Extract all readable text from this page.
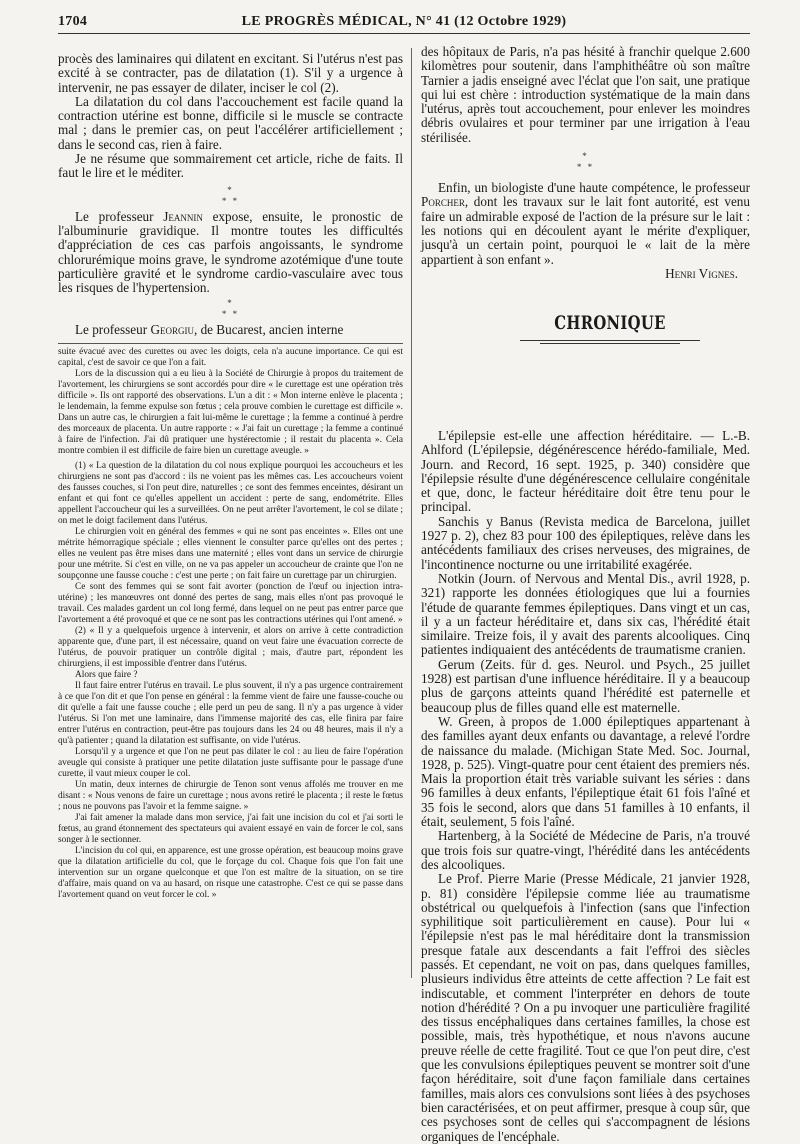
1704	LE PROGRÈS MÉDICAL, N° 41 (12 Octobre 1929)

procès des laminaires qui dilatent en excitant. Si l'utérus n'est pas excité à se contracter, pas de dilatation (1). S'il y a urgence à intervenir, ne pas essayer de dilater, inciser le col (2).

La dilatation du col dans l'accouchement est facile quand la contraction utérine est bonne, difficile si le muscle se contracte mal ; dans le premier cas, on peut l'accélérer artificiellement ; dans le second cas, rien à faire.

Je ne résume que sommairement cet article, riche de faits. Il faut le lire et le méditer.

*
* *

Le professeur Jeannin expose, ensuite, le pronostic de l'albuminurie gravidique. Il montre toutes les difficultés d'appréciation de ces cas parfois angoissants, le syndrome chlorurémique moins grave, le syndrome azotémique d'une toute particulière gravité et le syndrome cardio-vasculaire avec tous les risques de l'hypertension.

*
* *

Le professeur Georgiu, de Bucarest, ancien interne

suite évacué avec des curettes ou avec les doigts, cela n'a aucune importance. Ce qui est capital, c'est de savoir ce que l'on a fait.

Lors de la discussion qui a eu lieu à la Société de Chirurgie à propos du traitement de l'avortement, les chirurgiens se sont accordés pour dire « le curettage est une opération très difficile ». Ils ont rapporté des observations. L'un a dit : « Mon interne enlève le placenta ; le lendemain, la femme expulse son fœtus ; cela prouve combien le curettage est difficile ». Dans un autre cas, le chirurgien a fait lui-même le curettage ; la femme a continué à perdre des morceaux de placenta. Un autre rapporte : « J'ai fait un curettage ; la femme a continué à faire de l'infection. J'ai dû pratiquer une hystérectomie ; il restait du placenta ». Cela montre combien il est difficile de faire bien un curettage aveugle. »

(1) « La question de la dilatation du col nous explique pourquoi les accoucheurs et les chirurgiens ne sont pas d'accord : ils ne voient pas les mêmes cas. Les accoucheurs voient des fausses couches, si l'on peut dire, naturelles ; ce sont des femmes enceintes, désirant un enfant et qui font ce qu'elles appellent un accident : perte de sang, endométrite. Elles appellent l'accoucheur qui les a surveillées. On ne peut arrêter l'avortement, le col se dilate ; on met le doigt facilement dans l'utérus.

Le chirurgien voit en général des femmes « qui ne sont pas enceintes ». Elles ont une métrite hémorragique spéciale ; elles viennent le consulter parce qu'elles ont des pertes ; elles ne veulent pas être mises dans une maternité ; elles vont dans un service de chirurgie pour une métrite. Si c'est en ville, on ne va pas appeler un accoucheur de crainte que l'on ne soupçonne une fausse couche : c'est une perte ; on fait faire un curettage par un chirurgien.

Ce sont des femmes qui se sont fait avorter (ponction de l'œuf ou injection intra-utérine) ; les manœuvres ont donné des pertes de sang, mais elles n'ont pas provoqué le travail. Ces malades gardent un col long fermé, dans lequel on ne peut pas entrer parce que l'avortement a été provoqué et que ce ne sont pas les contractions utérines qui l'ont amené. »

(2) « Il y a quelquefois urgence à intervenir, et alors on arrive à cette contradiction apparente que, d'une part, il est nécessaire, quand on veut faire une évacuation correcte de l'utérus, de pouvoir pratiquer un contrôle digital ; mais, d'autre part, répondent les chirurgiens, il est impossible d'entrer dans l'utérus.

Alors que faire ?

Il faut faire entrer l'utérus en travail. Le plus souvent, il n'y a pas urgence contrairement à ce que l'on dit et que l'on pense en général : la femme vient de faire une fausse-couche ou dit qu'elle a fait une fausse couche ; elle perd un peu de sang. Il n'y a pas urgence à vider l'utérus. Si l'on met une laminaire, dans l'immense majorité des cas, elle finira par faire entrer l'utérus en contraction, peut-être pas toujours dans les 24 ou 48 heures, mais il n'y a qu'à patienter ; quand la dilatation est suffisante, on vide l'utérus.

Lorsqu'il y a urgence et que l'on ne peut pas dilater le col : au lieu de faire l'opération aveugle qui consiste à pratiquer une petite dilatation juste suffisante pour le passage d'une curette, il vaut mieux couper le col.

Un matin, deux internes de chirurgie de Tenon sont venus affolés me trouver en me disant : « Nous venons de faire un curettage ; nous avons retiré le placenta ; il reste le fœtus ; nous ne pouvons pas l'avoir et la femme saigne. »

J'ai fait amener la malade dans mon service, j'ai fait une incision du col et j'ai sorti le fœtus, au grand étonnement des spectateurs qui avaient essayé en vain de forcer le col, sans songer à le sectionner.

L'incision du col qui, en apparence, est une grosse opération, est beaucoup moins grave que la dilatation artificielle du col, que le forçage du col. Chaque fois que l'on fait une intervention sur un organe quelconque et que l'on est maître de la situation, on se tire d'affaire, mais quand on va au hasard, on risque une catastrophe. C'est ce qui se passe dans l'avortement quand on veut forcer le col. »

des hôpitaux de Paris, n'a pas hésité à franchir quelque 2.600 kilomètres pour soutenir, dans l'amphithéâtre où son maître Tarnier a jadis enseigné avec l'éclat que l'on sait, une pratique qui lui est chère : introduction systématique de la main dans l'utérus, après tout accouchement, pour enlever les moindres débris ovulaires et pour terminer par une irrigation à l'eau stérilisée.

*
* *

Enfin, un biologiste d'une haute compétence, le professeur Porcher, dont les travaux sur le lait font autorité, est venu faire un admirable exposé de l'action de la présure sur le lait : les notions qui en découlent ayant le mérite d'expliquer, jusqu'à un certain point, pourquoi le « lait de la mère appartient à son enfant ».

Henri Vignes.

CHRONIQUE

L'épilepsie est-elle une affection héréditaire. — L.-B. Ahlford (L'épilepsie, dégénérescence hérédo-familiale, Med. Journ. and Record, 16 sept. 1925, p. 340) considère que l'épilepsie résulte d'une dégénérescence cellulaire congénitale et que, donc, le facteur héréditaire doit être tenu pour le principal.

Sanchis y Banus (Revista medica de Barcelona, juillet 1927 p. 2), chez 83 pour 100 des épileptiques, relève dans les antécédents familiaux des crises nerveuses, des migraines, de l'incontinence nocturne ou une irritabilité exagérée.

Notkin (Journ. of Nervous and Mental Dis., avril 1928, p. 321) rapporte les données étiologiques que lui a fournies l'étude de quarante femmes épileptiques. Dans vingt et un cas, il y a un facteur héréditaire et, dans six cas, l'hérédité était similaire. Treize fois, il y avait des parents alcooliques. Cinq patientes indiquaient des antécédents de traumatisme cranien.

Gerum (Zeits. für d. ges. Neurol. und Psych., 25 juillet 1928) est partisan d'une influence héréditaire. Il y a beaucoup plus de garçons atteints quand l'hérédité est paternelle et beaucoup plus de filles quand elle est maternelle.

W. Green, à propos de 1.000 épileptiques appartenant à des familles ayant deux enfants ou davantage, a relevé l'ordre de naissance du malade. (Michigan State Med. Soc. Journal, 1928, p. 525). Vingt-quatre pour cent étaient des premiers nés. Mais la proportion était très variable suivant les séries : dans 96 familles à deux enfants, l'épileptique était 61 fois l'aîné et 35 fois le second, alors que dans 51 familles à 10 enfants, il était, seulement, 5 fois l'aîné.

Hartenberg, à la Société de Médecine de Paris, n'a trouvé que trois fois sur quatre-vingt, l'hérédité dans les antécédents des alcooliques.

Le Prof. Pierre Marie (Presse Médicale, 21 janvier 1928, p. 81) considère l'épilepsie comme liée au traumatisme obstétrical ou quelquefois à l'infection (sans que l'infection syphilitique soit particulièrement en cause). Pour lui « l'épilepsie n'est pas le mal héréditaire dont la transmission presque fatale aux descendants a fait l'effroi des siècles passés. Et cependant, ne voit on pas, dans quelques familles, plusieurs individus être atteints de cette affection ? Le fait est indiscutable, et comment l'interpréter en dehors de toute notion d'hérédité ? On a pu invoquer une particulière fragilité des tissus encéphaliques dans certaines familles, la chose est possible, mais, très hypothétique, et nous n'avons aucune preuve réelle de cette fragilité. Tout ce que l'on peut dire, c'est que les convulsions épileptiques peuvent se montrer soit d'une façon héréditaire, soit d'une façon familiale dans certaines familles, mais alors ces convulsions sont liées à des psychoses bien caractérisées, et on peut affirmer, presque à coup sûr, que ces psychoses sont de celles qui s'accompagnent de lésions organiques de l'encéphale.
